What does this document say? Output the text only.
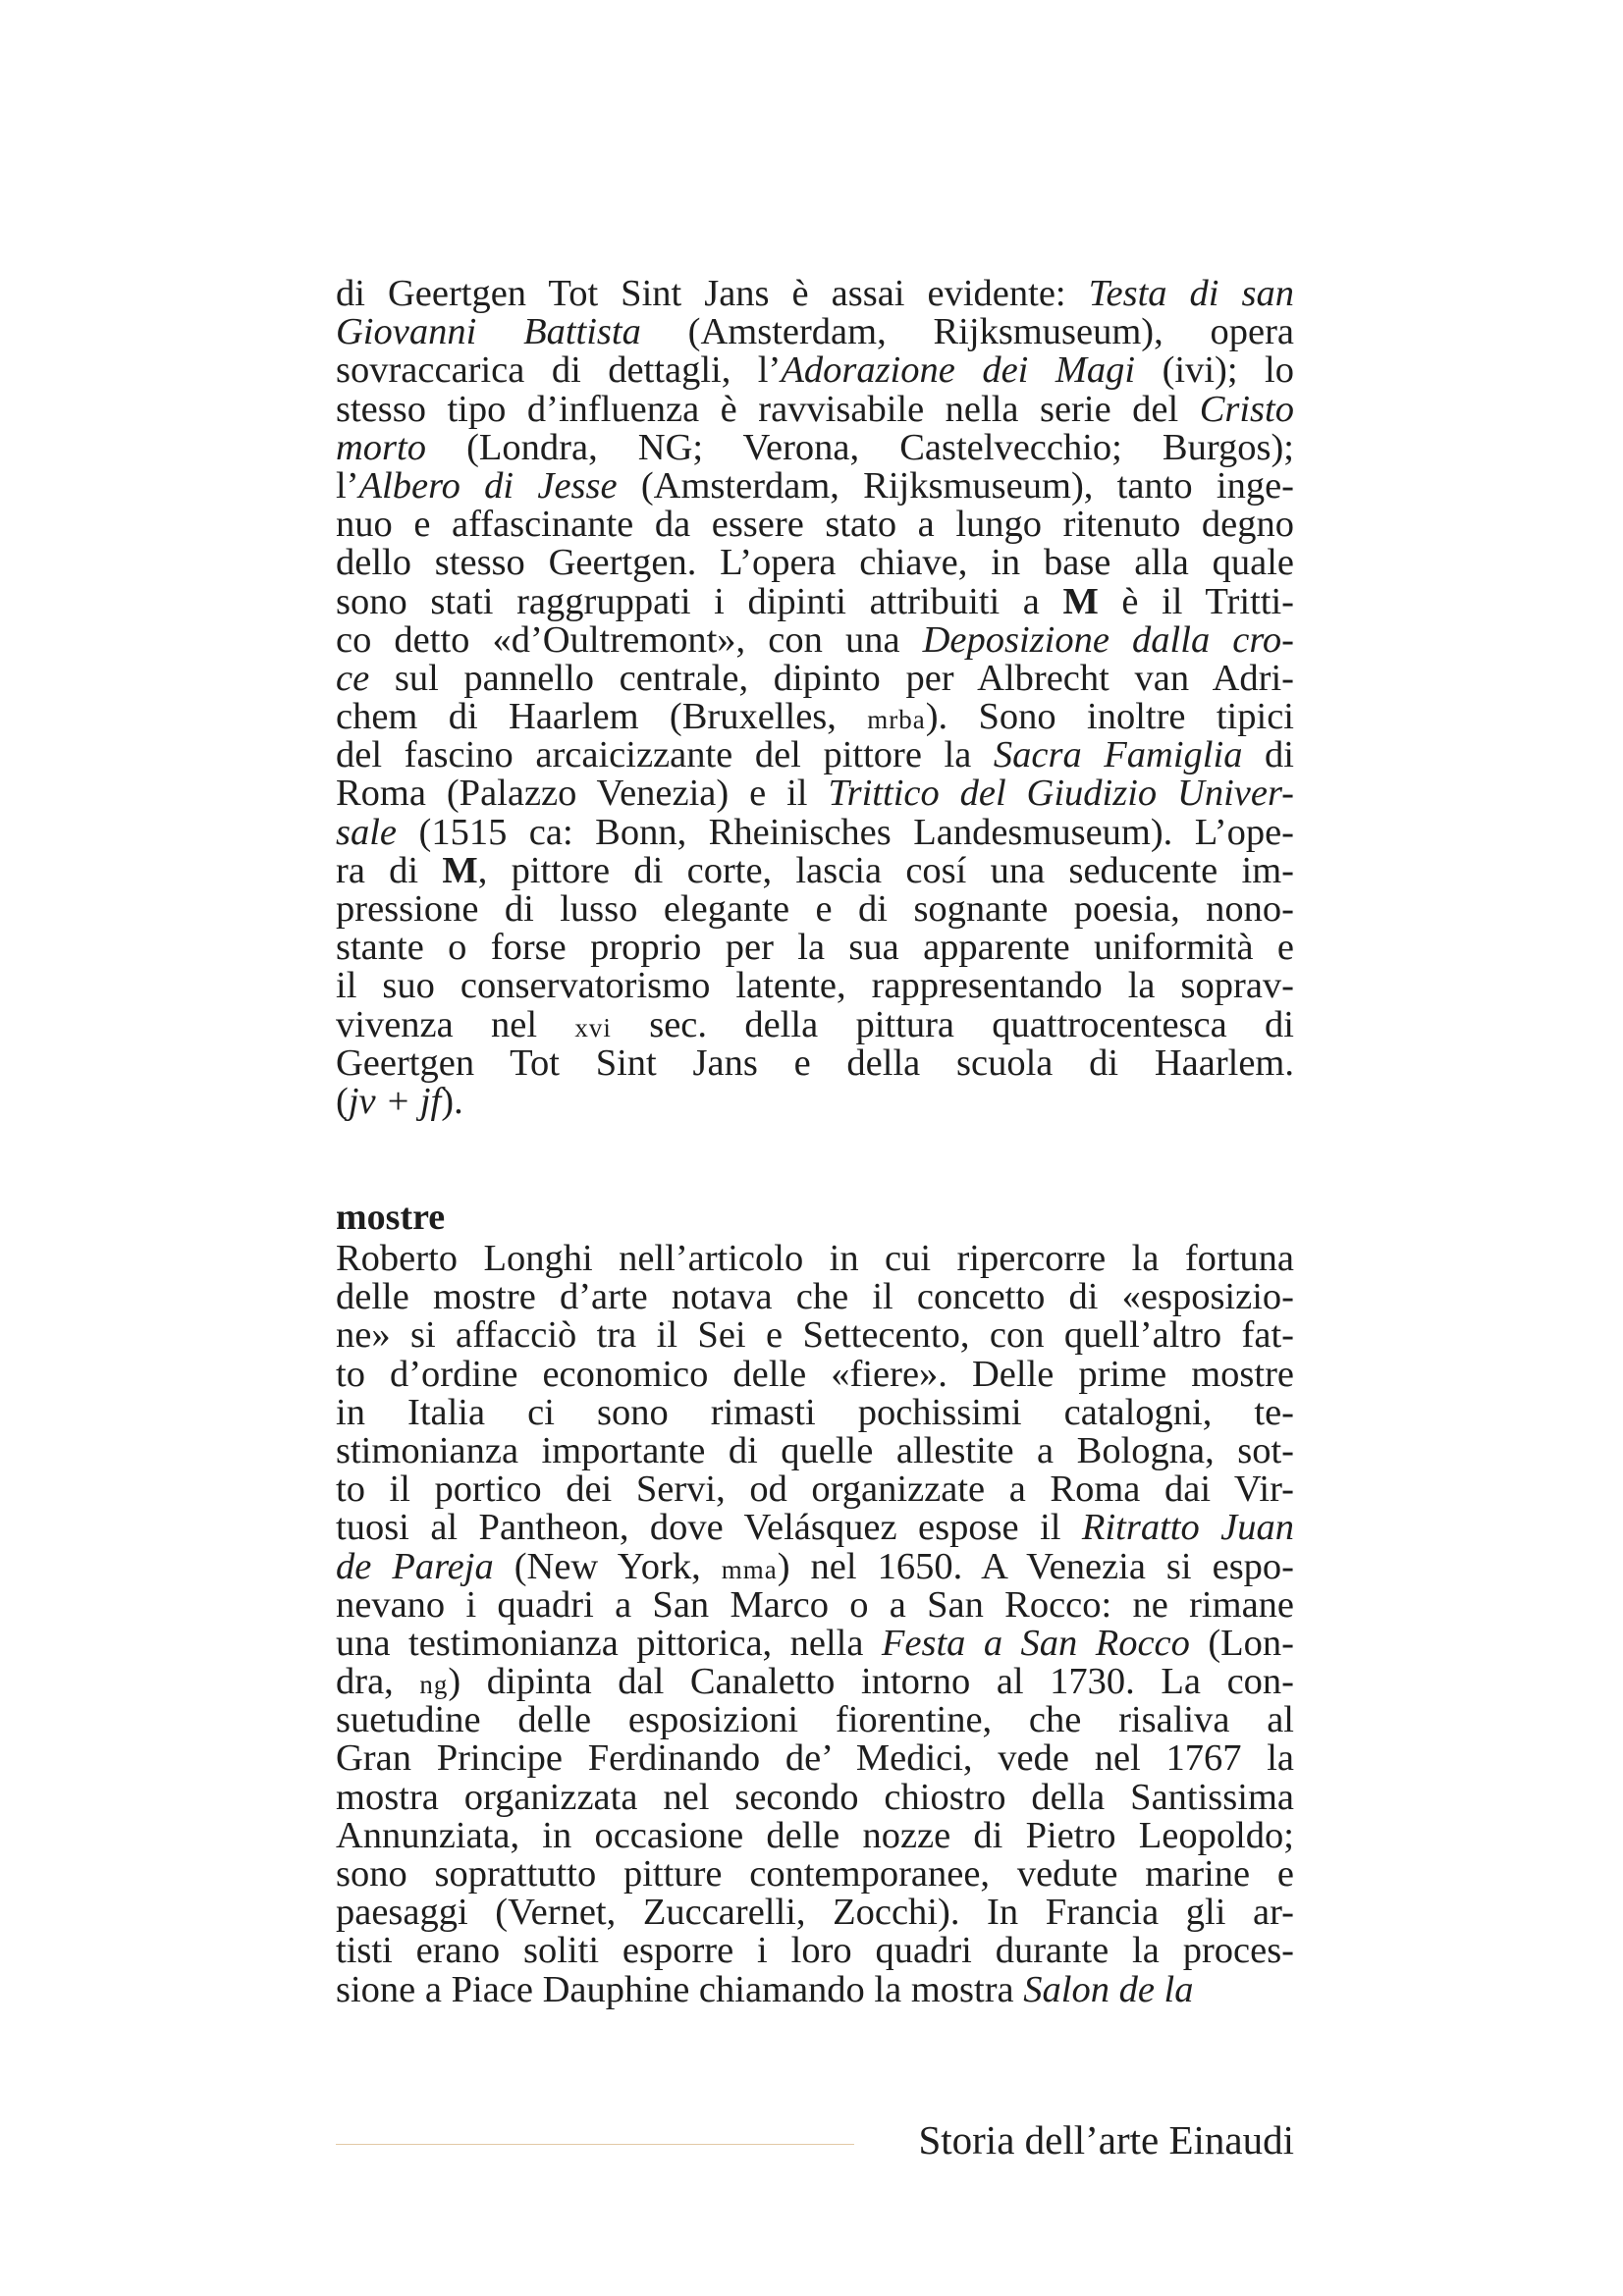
di Geertgen Tot Sint Jans è assai evidente: Testa di san
Giovanni Battista (Amsterdam, Rijksmuseum), opera
sovraccarica di dettagli, l’Adorazione dei Magi (ivi); lo
stesso tipo d’influenza è ravvisabile nella serie del Cristo
morto (Londra, NG; Verona, Castelvecchio; Burgos);
l’Albero di Jesse (Amsterdam, Rijksmuseum), tanto inge-
nuo e affascinante da essere stato a lungo ritenuto degno
dello stesso Geertgen. L’opera chiave, in base alla quale
sono stati raggruppati i dipinti attribuiti a M è il Tritti-
co detto «d’Oultremont», con una Deposizione dalla cro-
ce sul pannello centrale, dipinto per Albrecht van Adri-
chem di Haarlem (Bruxelles, mrba). Sono inoltre tipici
del fascino arcaicizzante del pittore la Sacra Famiglia di
Roma (Palazzo Venezia) e il Trittico del Giudizio Univer-
sale (1515 ca: Bonn, Rheinisches Landesmuseum). L’ope-
ra di M, pittore di corte, lascia cosí una seducente im-
pressione di lusso elegante e di sognante poesia, nono-
stante o forse proprio per la sua apparente uniformità e
il suo conservatorismo latente, rappresentando la soprav-
vivenza nel xvi sec. della pittura quattrocentesca di
Geertgen Tot Sint Jans e della scuola di Haarlem.
(jv + jf).
mostre
Roberto Longhi nell’articolo in cui ripercorre la fortuna
delle mostre d’arte notava che il concetto di «esposizio-
ne» si affacciò tra il Sei e Settecento, con quell’altro fat-
to d’ordine economico delle «fiere». Delle prime mostre
in Italia ci sono rimasti pochissimi catalogni, te-
stimonianza importante di quelle allestite a Bologna, sot-
to il portico dei Servi, od organizzate a Roma dai Vir-
tuosi al Pantheon, dove Velásquez espose il Ritratto Juan
de Pareja (New York, mma) nel 1650. A Venezia si espo-
nevano i quadri a San Marco o a San Rocco: ne rimane
una testimonianza pittorica, nella Festa a San Rocco (Lon-
dra, ng) dipinta dal Canaletto intorno al 1730. La con-
suetudine delle esposizioni fiorentine, che risaliva al
Gran Principe Ferdinando de’ Medici, vede nel 1767 la
mostra organizzata nel secondo chiostro della Santissima
Annunziata, in occasione delle nozze di Pietro Leopoldo;
sono soprattutto pitture contemporanee, vedute marine e
paesaggi (Vernet, Zuccarelli, Zocchi). In Francia gli ar-
tisti erano soliti esporre i loro quadri durante la proces-
sione a Piace Dauphine chiamando la mostra Salon de la
Storia dell’arte Einaudi
